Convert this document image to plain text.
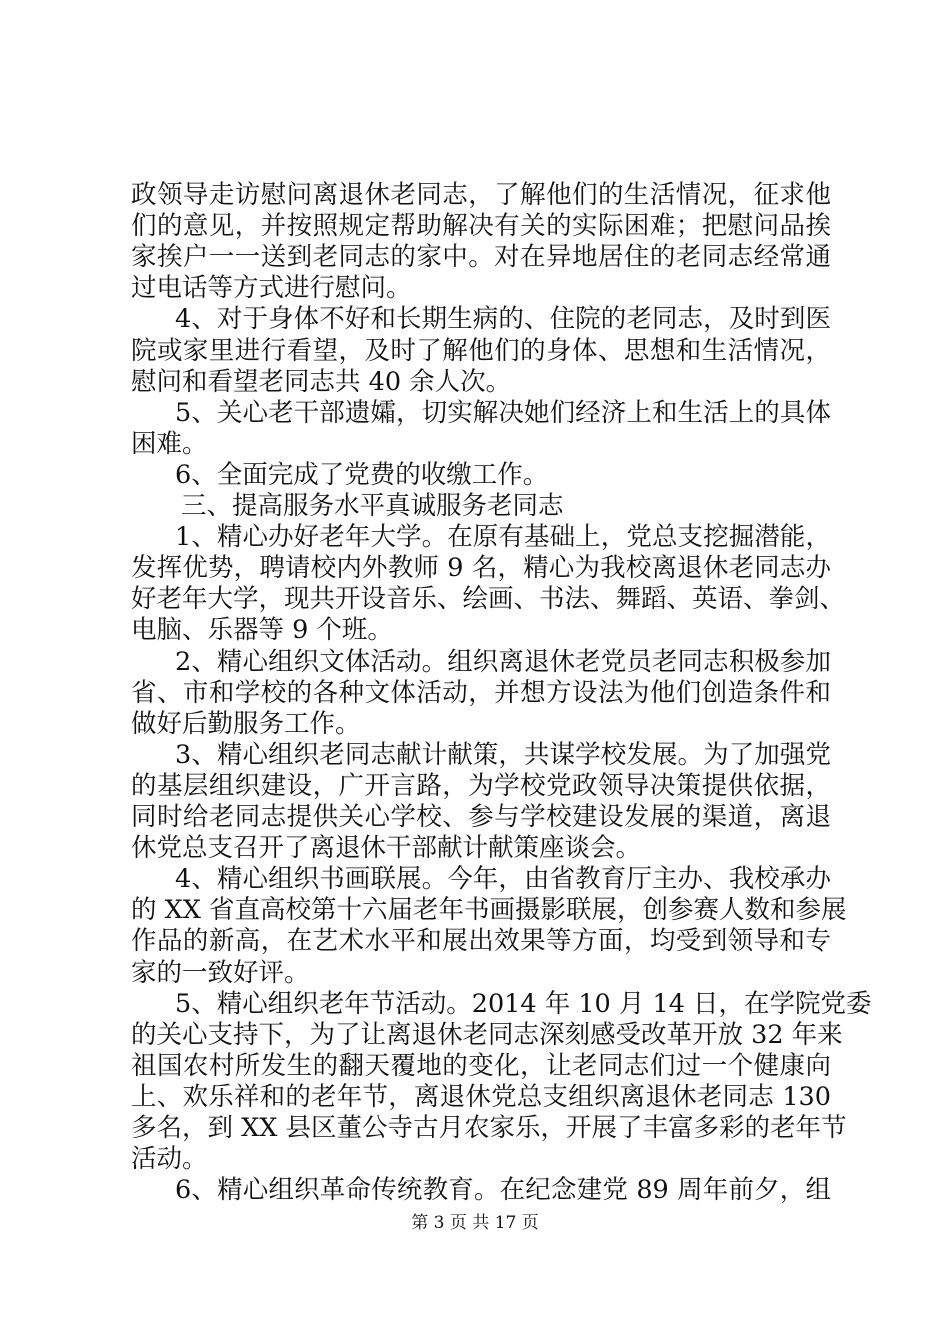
政领导走访慰问离退休老同志，了解他们的生活情况，征求他
们的意见，并按照规定帮助解决有关的实际困难；把慰问品挨
家挨户一一送到老同志的家中。对在异地居住的老同志经常通
过电话等方式进行慰问。
4、对于身体不好和长期生病的、住院的老同志，及时到医
院或家里进行看望，及时了解他们的身体、思想和生活情况，
慰问和看望老同志共 40 余人次。
5、关心老干部遗孀，切实解决她们经济上和生活上的具体
困难。
6、全面完成了党费的收缴工作。
三、提高服务水平真诚服务老同志
1、精心办好老年大学。在原有基础上，党总支挖掘潜能，
发挥优势，聘请校内外教师 9 名，精心为我校离退休老同志办
好老年大学，现共开设音乐、绘画、书法、舞蹈、英语、拳剑、
电脑、乐器等 9 个班。
2、精心组织文体活动。组织离退休老党员老同志积极参加
省、市和学校的各种文体活动，并想方设法为他们创造条件和
做好后勤服务工作。
3、精心组织老同志献计献策，共谋学校发展。为了加强党
的基层组织建设，广开言路，为学校党政领导决策提供依据，
同时给老同志提供关心学校、参与学校建设发展的渠道，离退
休党总支召开了离退休干部献计献策座谈会。
4、精心组织书画联展。今年，由省教育厅主办、我校承办
的 XX 省直高校第十六届老年书画摄影联展，创参赛人数和参展
作品的新高，在艺术水平和展出效果等方面，均受到领导和专
家的一致好评。
5、精心组织老年节活动。2014 年 10 月 14 日，在学院党委
的关心支持下，为了让离退休老同志深刻感受改革开放 32 年来
祖国农村所发生的翻天覆地的变化，让老同志们过一个健康向
上、欢乐祥和的老年节，离退休党总支组织离退休老同志 130
多名，到 XX 县区董公寺古月农家乐，开展了丰富多彩的老年节
活动。
6、精心组织革命传统教育。在纪念建党 89 周年前夕，组
第 3 页 共 17 页
